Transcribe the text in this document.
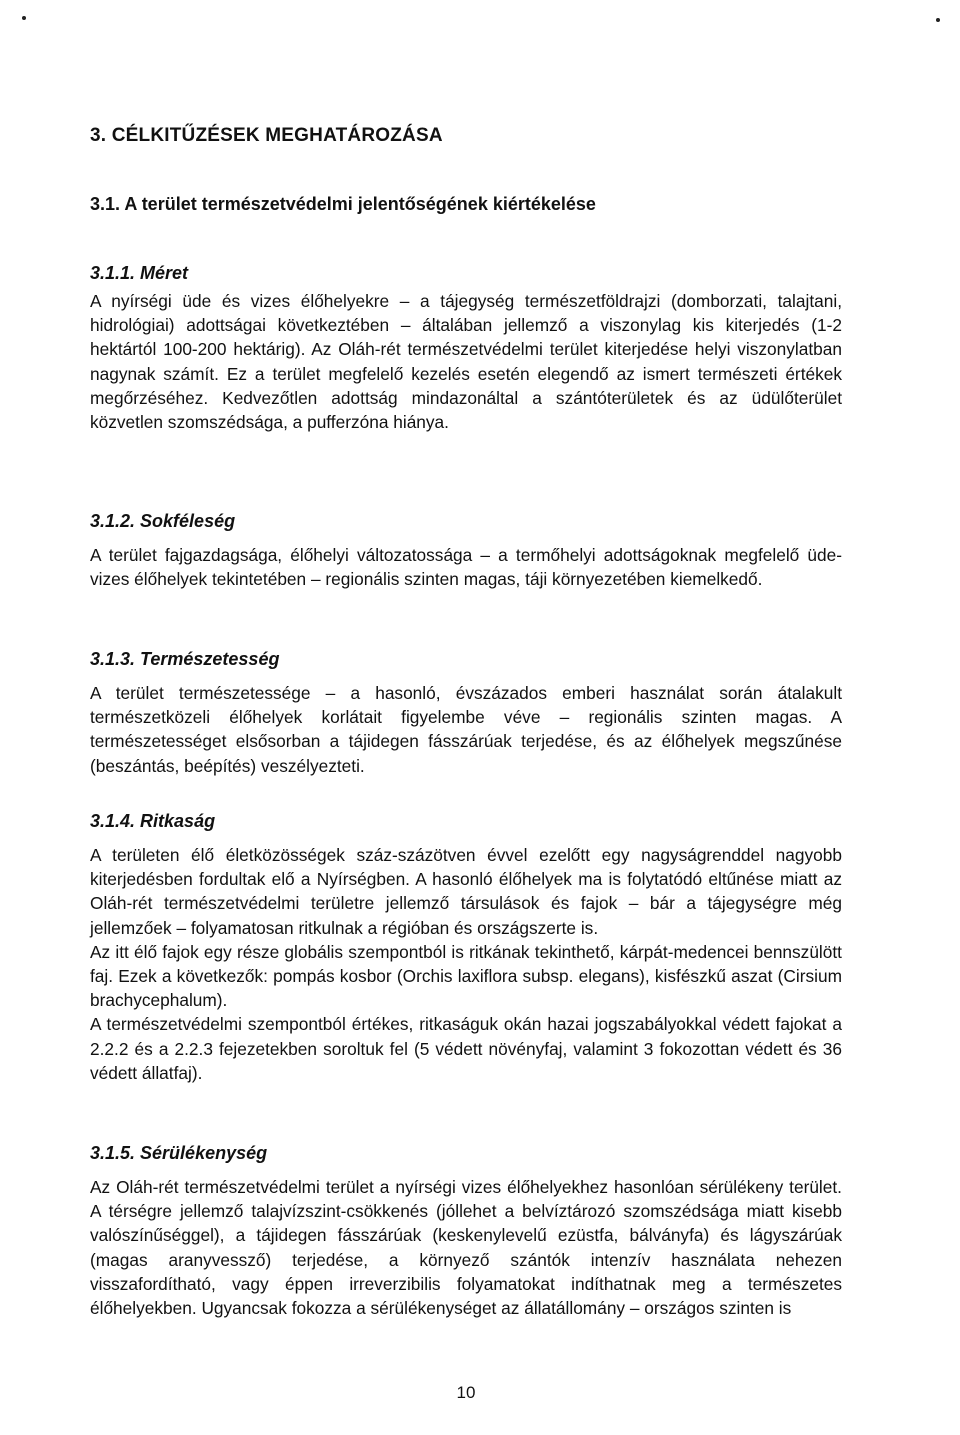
3. CÉLKITŰZÉSEK MEGHATÁROZÁSA
3.1. A terület természetvédelmi jelentőségének kiértékelése
3.1.1. Méret

A nyírségi üde és vizes élőhelyekre – a tájegység természetföldrajzi (domborzati, talajtani, hidrológiai) adottságai következtében – általában jellemző a viszonylag kis kiterjedés (1-2 hektártól 100-200 hektárig). Az Oláh-rét természetvédelmi terület kiterjedése helyi viszonylatban nagynak számít. Ez a terület megfelelő kezelés esetén elegendő az ismert természeti értékek megőrzéséhez. Kedvezőtlen adottság mindazonáltal a szántóterületek és az üdülőterület közvetlen szomszédsága, a pufferzóna hiánya.

3.1.2. Sokféleség

A terület fajgazdagsága, élőhelyi változatossága – a termőhelyi adottságoknak megfelelő üde-vizes élőhelyek tekintetében – regionális szinten magas, táji környezetében kiemelkedő.

3.1.3. Természetesség

A terület természetessége – a hasonló, évszázados emberi használat során átalakult természetközeli élőhelyek korlátait figyelembe véve – regionális szinten magas. A természetességet elsősorban a tájidegen fásszárúak terjedése, és az élőhelyek megszűnése (beszántás, beépítés) veszélyezteti.

3.1.4. Ritkaság

A területen élő életközösségek száz-százötven évvel ezelőtt egy nagyságrenddel nagyobb kiterjedésben fordultak elő a Nyírségben. A hasonló élőhelyek ma is folytatódó eltűnése miatt az Oláh-rét természetvédelmi területre jellemző társulások és fajok – bár a tájegységre még jellemzőek – folyamatosan ritkulnak a régióban és országszerte is.

Az itt élő fajok egy része globális szempontból is ritkának tekinthető, kárpát-medencei bennszülött faj. Ezek a következők: pompás kosbor (Orchis laxiflora subsp. elegans), kisfészkű aszat (Cirsium brachycephalum).

A természetvédelmi szempontból értékes, ritkaságuk okán hazai jogszabályokkal védett fajokat a 2.2.2 és a 2.2.3 fejezetekben soroltuk fel (5 védett növényfaj, valamint 3 fokozottan védett és 36 védett állatfaj).

3.1.5. Sérülékenység

Az Oláh-rét természetvédelmi terület a nyírségi vizes élőhelyekhez hasonlóan sérülékeny terület. A térségre jellemző talajvízszint-csökkenés (jóllehet a belvíztározó szomszédsága miatt kisebb valószínűséggel), a tájidegen fásszárúak (keskenylevelű ezüstfa, bálványfa) és lágyszárúak (magas aranyvessző) terjedése, a környező szántók intenzív használata nehezen visszafordítható, vagy éppen irreverzibilis folyamatokat indíthatnak meg a természetes élőhelyekben. Ugyancsak fokozza a sérülékenységet az állatállomány – országos szinten is

10
